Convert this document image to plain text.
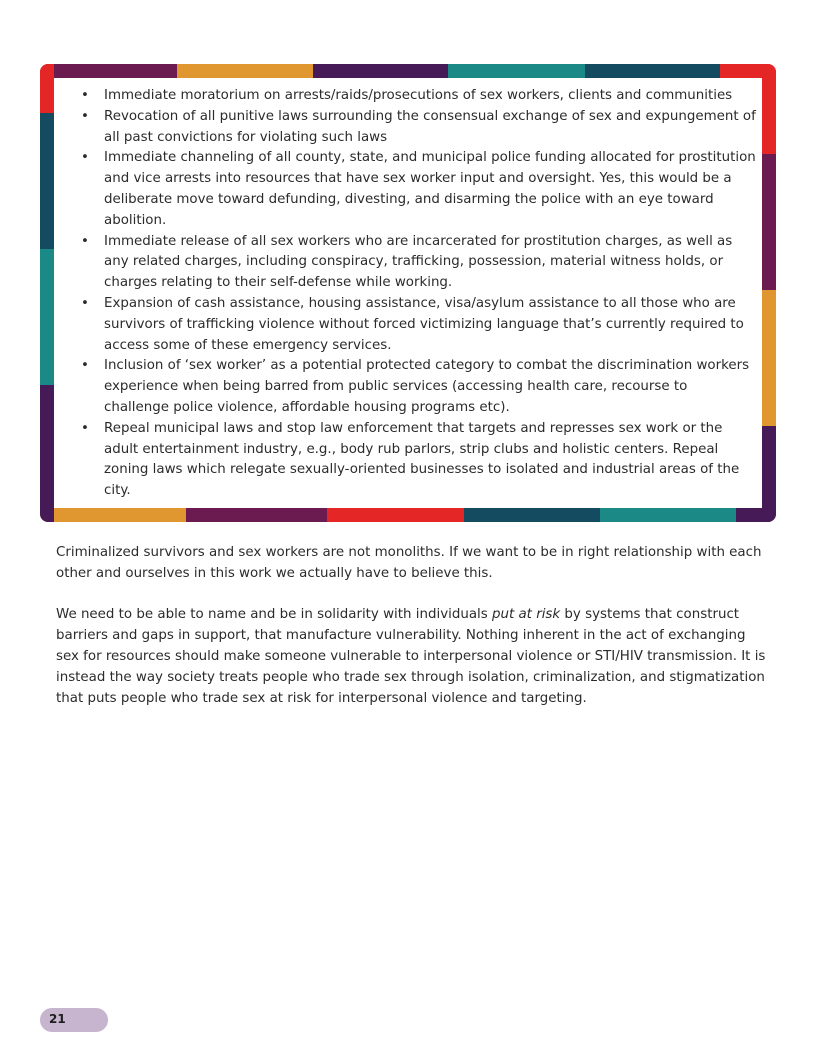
• Immediate moratorium on arrests/raids/prosecutions of sex workers, clients and communities
• Revocation of all punitive laws surrounding the consensual exchange of sex and expungement of all past convictions for violating such laws
• Immediate channeling of all county, state, and municipal police funding allocated for prostitution and vice arrests into resources that have sex worker input and oversight. Yes, this would be a deliberate move toward defunding, divesting, and disarming the police with an eye toward abolition.
• Immediate release of all sex workers who are incarcerated for prostitution charges, as well as any related charges, including conspiracy, trafficking, possession, material witness holds, or charges relating to their self-defense while working.
• Expansion of cash assistance, housing assistance, visa/asylum assistance to all those who are survivors of trafficking violence without forced victimizing language that’s currently required to access some of these emergency services.
• Inclusion of ‘sex worker’ as a potential protected category to combat the discrimination workers experience when being barred from public services (accessing health care, recourse to challenge police violence, affordable housing programs etc).
• Repeal municipal laws and stop law enforcement that targets and represses sex work or the adult entertainment industry, e.g., body rub parlors, strip clubs and holistic centers. Repeal zoning laws which relegate sexually-oriented businesses to isolated and industrial areas of the city.

Criminalized survivors and sex workers are not monoliths. If we want to be in right relationship with each other and ourselves in this work we actually have to believe this.

We need to be able to name and be in solidarity with individuals put at risk by systems that construct barriers and gaps in support, that manufacture vulnerability. Nothing inherent in the act of exchanging sex for resources should make someone vulnerable to interpersonal violence or STI/HIV transmission. It is instead the way society treats people who trade sex through isolation, criminalization, and stigmatization that puts people who trade sex at risk for interpersonal violence and targeting.

21
